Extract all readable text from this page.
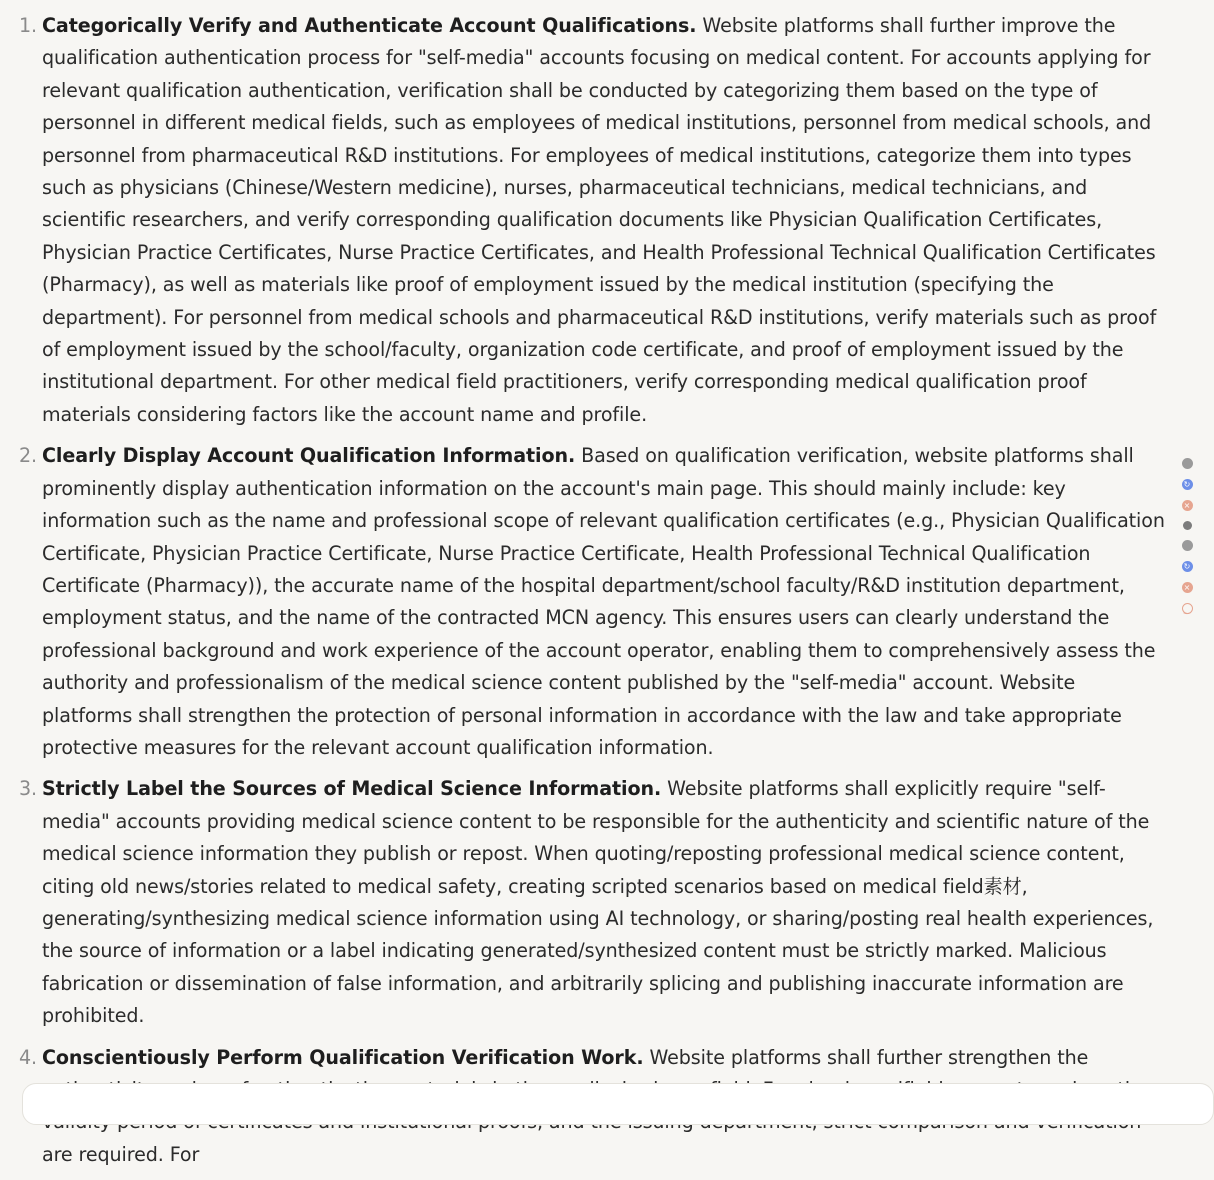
1. Categorically Verify and Authenticate Account Qualifications. Website platforms shall further improve the qualification authentication process for "self-media" accounts focusing on medical content. For accounts applying for relevant qualification authentication, verification shall be conducted by categorizing them based on the type of personnel in different medical fields, such as employees of medical institutions, personnel from medical schools, and personnel from pharmaceutical R&D institutions. For employees of medical institutions, categorize them into types such as physicians (Chinese/Western medicine), nurses, pharmaceutical technicians, medical technicians, and scientific researchers, and verify corresponding qualification documents like Physician Qualification Certificates, Physician Practice Certificates, Nurse Practice Certificates, and Health Professional Technical Qualification Certificates (Pharmacy), as well as materials like proof of employment issued by the medical institution (specifying the department). For personnel from medical schools and pharmaceutical R&D institutions, verify materials such as proof of employment issued by the school/faculty, organization code certificate, and proof of employment issued by the institutional department. For other medical field practitioners, verify corresponding medical qualification proof materials considering factors like the account name and profile.
2. Clearly Display Account Qualification Information. Based on qualification verification, website platforms shall prominently display authentication information on the account's main page. This should mainly include: key information such as the name and professional scope of relevant qualification certificates (e.g., Physician Qualification Certificate, Physician Practice Certificate, Nurse Practice Certificate, Health Professional Technical Qualification Certificate (Pharmacy)), the accurate name of the hospital department/school faculty/R&D institution department, employment status, and the name of the contracted MCN agency. This ensures users can clearly understand the professional background and work experience of the account operator, enabling them to comprehensively assess the authority and professionalism of the medical science content published by the "self-media" account. Website platforms shall strengthen the protection of personal information in accordance with the law and take appropriate protective measures for the relevant account qualification information.
3. Strictly Label the Sources of Medical Science Information. Website platforms shall explicitly require "self-media" accounts providing medical science content to be responsible for the authenticity and scientific nature of the medical science information they publish or repost. When quoting/reposting professional medical science content, citing old news/stories related to medical safety, creating scripted scenarios based on medical field素材, generating/synthesizing medical science information using AI technology, or sharing/posting real health experiences, the source of information or a label indicating generated/synthesized content must be strictly marked. Malicious fabrication or dissemination of false information, and arbitrarily splicing and publishing inaccurate information are prohibited.
4. Conscientiously Perform Qualification Verification Work. Website platforms shall further strengthen the are required. For
↻
×
↻
×
‿
